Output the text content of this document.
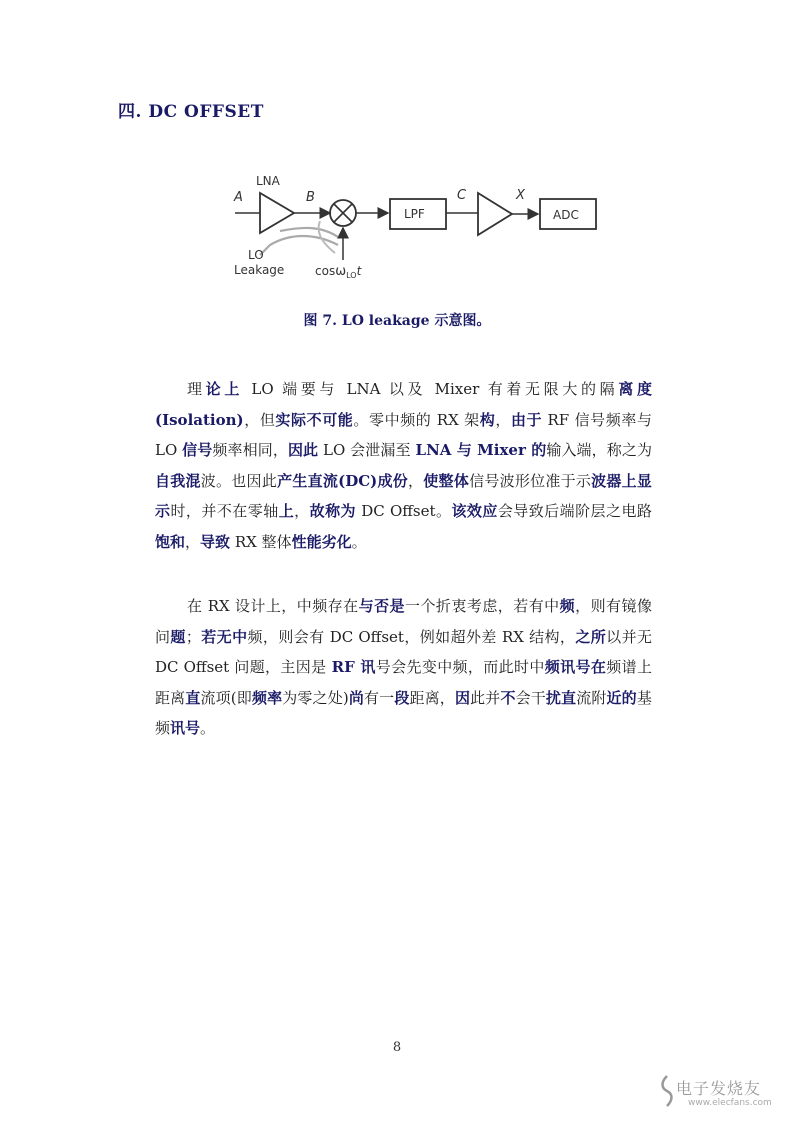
四. DC OFFSET
A
LNA
B
LO
Leakage	cosω$_{LO}$t
LPF
C	X
ADC
图 7. LO leakage 示意图。

理论上 LO 端要与 LNA 以及 Mixer 有着无限大的隔离度(Isolation)，但实际不可能。零中频的 RX 架构，由于 RF 信号频率与 LO 信号频率相同，因此 LO 会泄漏至 LNA 与 Mixer 的输入端，称之为自我混波。也因此产生直流(DC)成份，使整体信号波形位准于示波器上显示时，并不在零轴上，故称为 DC Offset。该效应会导致后端阶层之电路饱和，导致 RX 整体性能劣化。

在 RX 设计上，中频存在与否是一个折衷考虑，若有中频，则有镜像问题；若无中频，则会有 DC Offset，例如超外差 RX 结构，之所以并无 DC Offset 问题，主因是 RF 讯号会先变中频，而此时中频讯号在频谱上距离直流项(即频率为零之处)尚有一段距离，因此并不会干扰直流附近的基频讯号。

8
电子发烧友
www.elecfans.com
